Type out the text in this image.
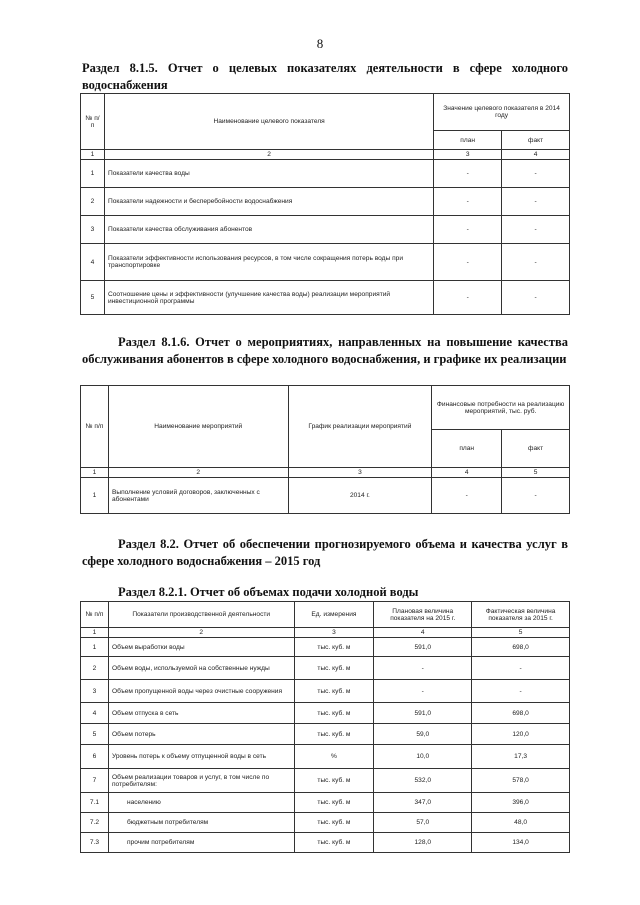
8

Раздел 8.1.5. Отчет о целевых показателях деятельности в сфере холодного водоснабжения

№ п/п	Наименование целевого показателя	Значение целевого показателя в 2014 году	
		план	факт
1	2	3	4
1	Показатели качества воды	-	-
2	Показатели надежности и бесперебойности водоснабжения	-	-
3	Показатели качества обслуживания абонентов	-	-
4	Показатели эффективности использования ресурсов, в том числе сокращения потерь воды при транспортировке	-	-
5	Соотношение цены и эффективности (улучшение качества воды) реализации мероприятий инвестиционной программы	-	-

Раздел 8.1.6. Отчет о мероприятиях, направленных на повышение качества обслуживания абонентов в сфере холодного водоснабжения, и графике их реализации

№ п/п	Наименование мероприятий	График реализации мероприятий	Финансовые потребности на реализацию мероприятий, тыс. руб.	
			план	факт
1	2	3	4	5
1	Выполнение условий договоров, заключенных с абонентами	2014 г.	-	-

Раздел 8.2. Отчет об обеспечении прогнозируемого объема и качества услуг в сфере холодного водоснабжения – 2015 год

Раздел 8.2.1. Отчет об объемах подачи холодной воды

№ п/п	Показатели производственной деятельности	Ед. измерения	Плановая величина показателя на 2015 г.	Фактическая величина показателя за 2015 г.
1	2	3	4	5
1	Объем выработки воды	тыс. куб. м	591,0	698,0
2	Объем воды, используемой на собственные нужды	тыс. куб. м	-	-
3	Объем пропущенной воды через очистные сооружения	тыс. куб. м	-	-
4	Объем отпуска в сеть	тыс. куб. м	591,0	698,0
5	Объем потерь	тыс. куб. м	59,0	120,0
6	Уровень потерь к объему отпущенной воды в сеть	%	10,0	17,3
7	Объем реализации товаров и услуг, в том числе по потребителям:	тыс. куб. м	532,0	578,0
7.1	населению	тыс. куб. м	347,0	396,0
7.2	бюджетным потребителям	тыс. куб. м	57,0	48,0
7.3	прочим потребителям	тыс. куб. м	128,0	134,0
